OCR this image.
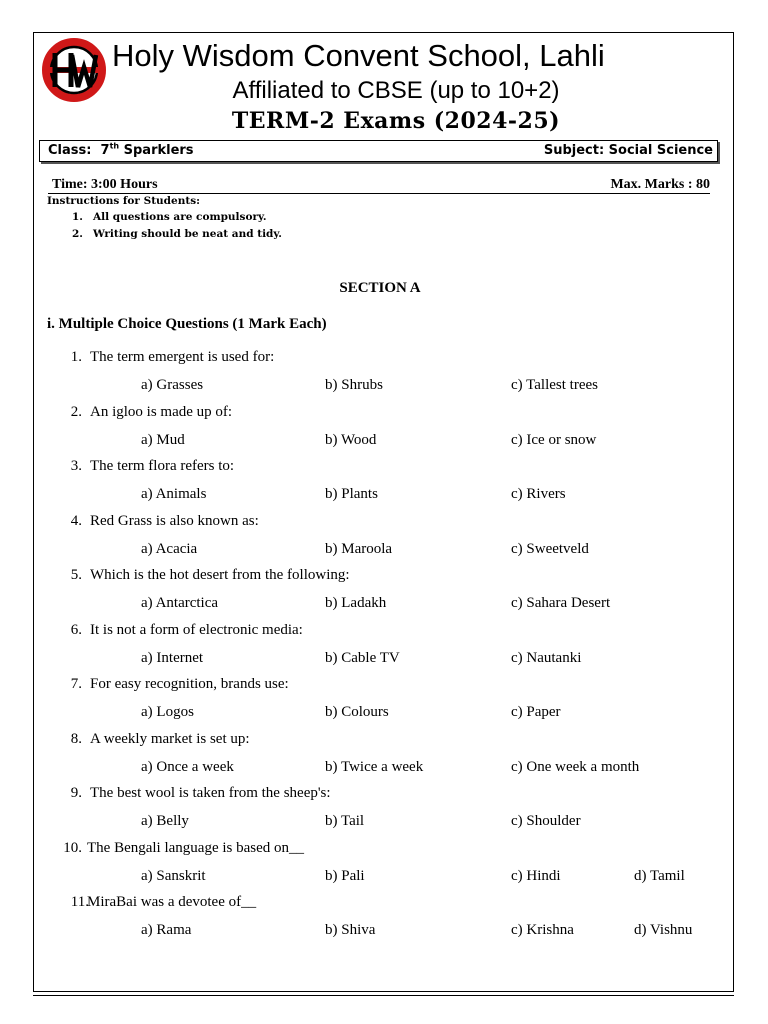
Holy Wisdom Convent School, Lahli
Affiliated to CBSE (up to 10+2)
TERM-2 Exams (2024-25)
Class: 7th Sparklers	Subject: Social Science
Time: 3:00 Hours	Max. Marks : 80
Instructions for Students:
1. All questions are compulsory.
2. Writing should be neat and tidy.
SECTION A
i. Multiple Choice Questions (1 Mark Each)
1. The term emergent is used for:
a) Grasses	b) Shrubs	c) Tallest trees
2. An igloo is made up of:
a) Mud	b) Wood	c) Ice or snow
3. The term flora refers to:
a) Animals	b) Plants	c) Rivers
4. Red Grass is also known as:
a) Acacia	b) Maroola	c) Sweetveld
5. Which is the hot desert from the following:
a) Antarctica	b) Ladakh	c) Sahara Desert
6. It is not a form of electronic media:
a) Internet	b) Cable TV	c) Nautanki
7. For easy recognition, brands use:
a) Logos	b) Colours	c) Paper
8. A weekly market is set up:
a) Once a week	b) Twice a week	c) One week a month
9. The best wool is taken from the sheep's:
a) Belly	b) Tail	c) Shoulder
10. The Bengali language is based on__
a) Sanskrit	b) Pali	c) Hindi	d) Tamil
11.
MiraBai was a devotee of__
a) Rama	b) Shiva	c) Krishna	d) Vishnu
